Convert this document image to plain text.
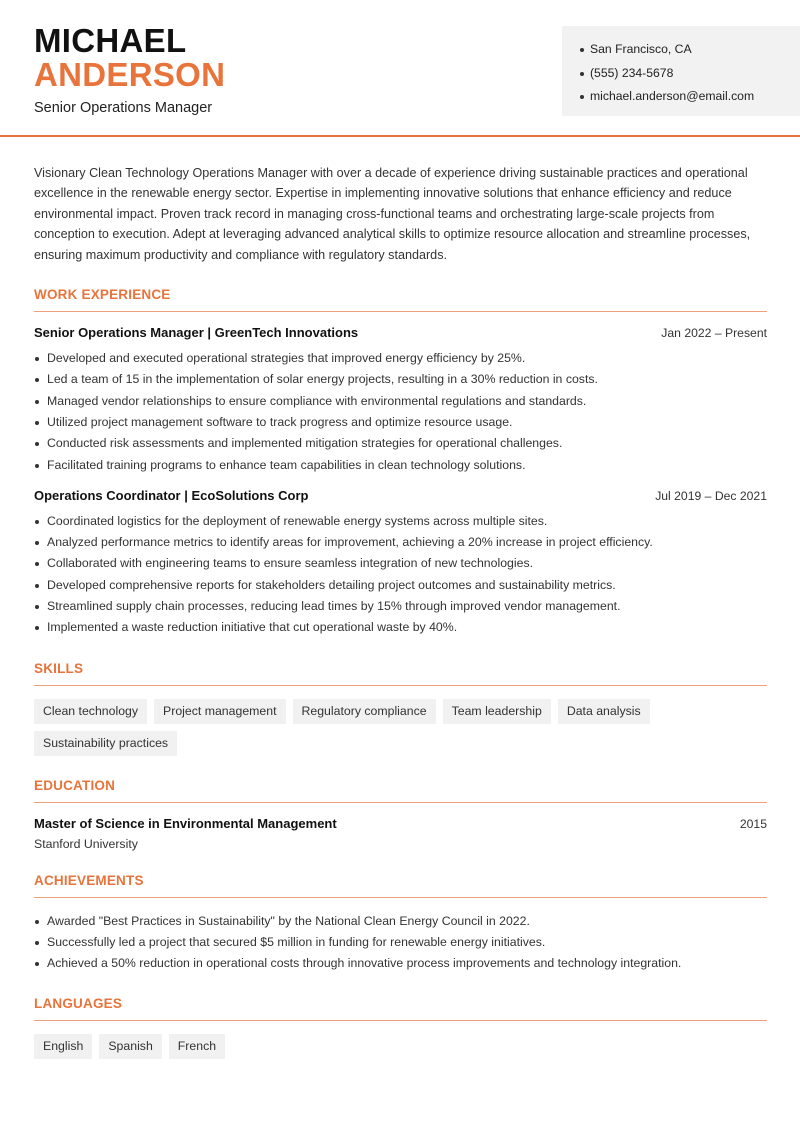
MICHAEL
ANDERSON
Senior Operations Manager
San Francisco, CA
(555) 234-5678
michael.anderson@email.com

Visionary Clean Technology Operations Manager with over a decade of experience driving sustainable practices and operational excellence in the renewable energy sector. Expertise in implementing innovative solutions that enhance efficiency and reduce environmental impact. Proven track record in managing cross-functional teams and orchestrating large-scale projects from conception to execution. Adept at leveraging advanced analytical skills to optimize resource allocation and streamline processes, ensuring maximum productivity and compliance with regulatory standards.

WORK EXPERIENCE
Senior Operations Manager | GreenTech Innovations	Jan 2022 – Present
Developed and executed operational strategies that improved energy efficiency by 25%.
Led a team of 15 in the implementation of solar energy projects, resulting in a 30% reduction in costs.
Managed vendor relationships to ensure compliance with environmental regulations and standards.
Utilized project management software to track progress and optimize resource usage.
Conducted risk assessments and implemented mitigation strategies for operational challenges.
Facilitated training programs to enhance team capabilities in clean technology solutions.
Operations Coordinator | EcoSolutions Corp	Jul 2019 – Dec 2021
Coordinated logistics for the deployment of renewable energy systems across multiple sites.
Analyzed performance metrics to identify areas for improvement, achieving a 20% increase in project efficiency.
Collaborated with engineering teams to ensure seamless integration of new technologies.
Developed comprehensive reports for stakeholders detailing project outcomes and sustainability metrics.
Streamlined supply chain processes, reducing lead times by 15% through improved vendor management.
Implemented a waste reduction initiative that cut operational waste by 40%.
SKILLS
Clean technology	Project management	Regulatory compliance	Team leadership	Data analysis
Sustainability practices
EDUCATION
Master of Science in Environmental Management	2015
Stanford University
ACHIEVEMENTS
Awarded "Best Practices in Sustainability" by the National Clean Energy Council in 2022.
Successfully led a project that secured $5 million in funding for renewable energy initiatives.
Achieved a 50% reduction in operational costs through innovative process improvements and technology integration.
LANGUAGES
English	Spanish	French
